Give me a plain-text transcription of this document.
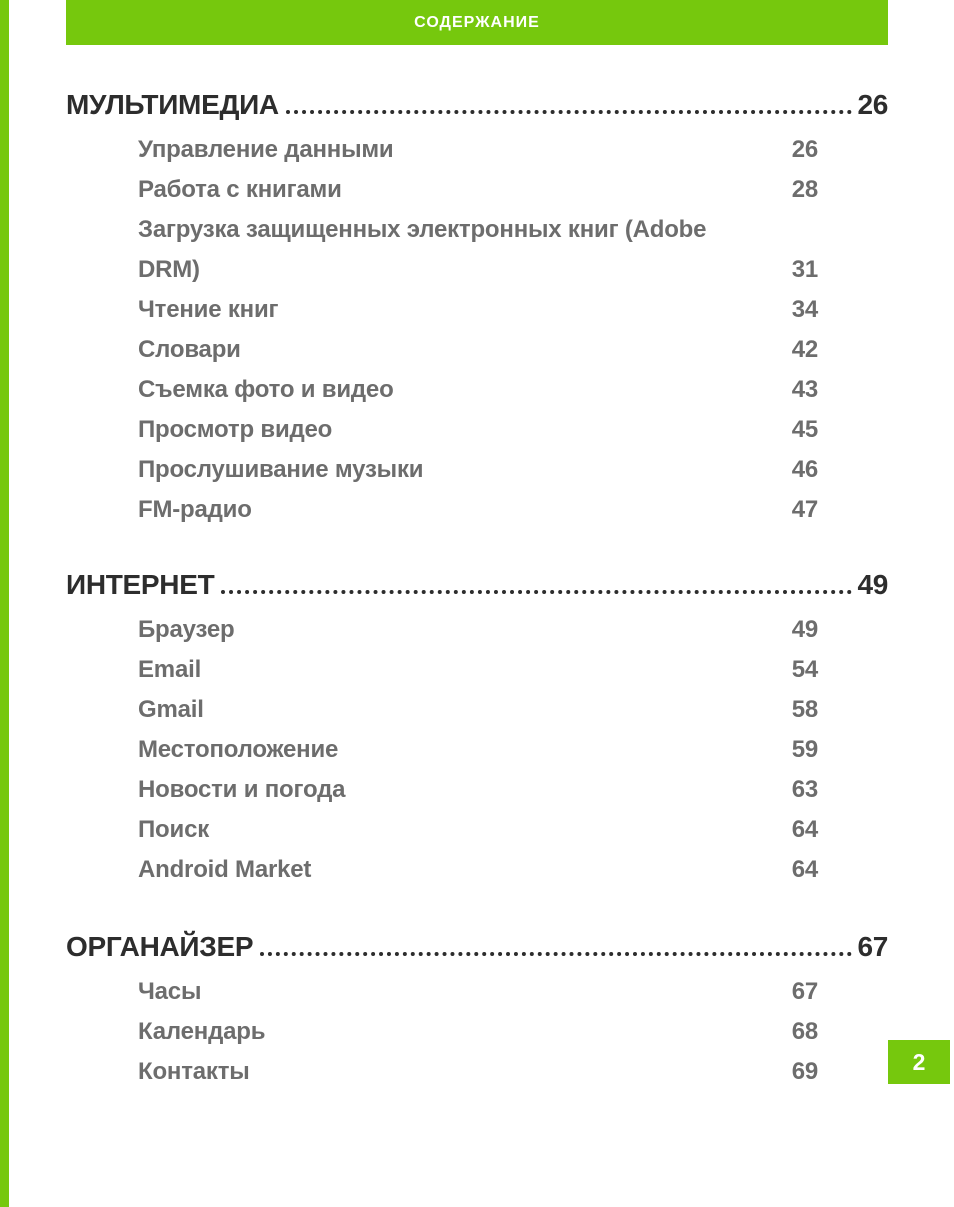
СОДЕРЖАНИЕ
МУЛЬТИМЕДИА	26
Управление данными	26
Работа с книгами	28
Загрузка защищенных электронных книг (Adobe DRM)	31
Чтение книг	34
Словари	42
Съемка фото и видео	43
Просмотр видео	45
Прослушивание музыки	46
FM-радио	47
ИНТЕРНЕТ	49
Браузер	49
Email	54
Gmail	58
Местоположение	59
Новости и погода	63
Поиск	64
Android Market	64
ОРГАНАЙЗЕР	67
Часы	67
Календарь	68
Контакты	69	2
